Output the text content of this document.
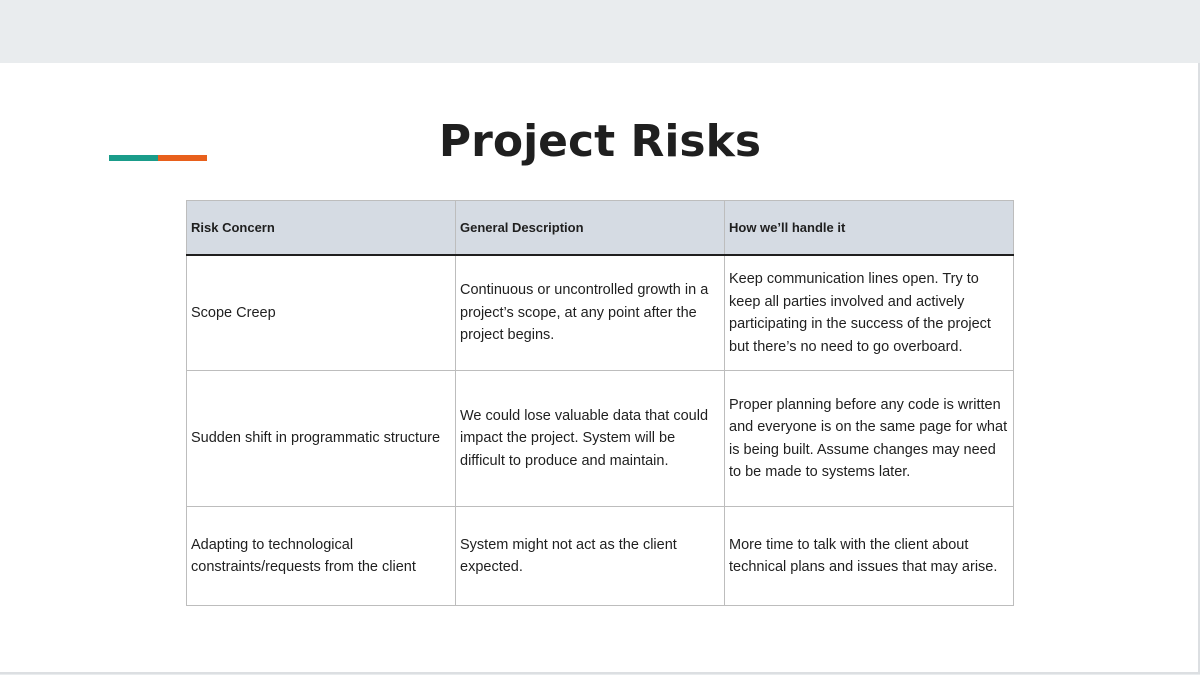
Project Risks
Risk Concern	General Description	How we’ll handle it
Scope Creep	Continuous or uncontrolled growth in a project’s scope, at any point after the project begins.	Keep communication lines open. Try to keep all parties involved and actively participating in the success of the project but there’s no need to go overboard.
Sudden shift in programmatic structure	We could lose valuable data that could impact the project. System will be difficult to produce and maintain.	Proper planning before any code is written and everyone is on the same page for what is being built. Assume changes may need to be made to systems later.
Adapting to technological constraints/requests from the client	System might not act as the client expected.	More time to talk with the client about technical plans and issues that may arise.
